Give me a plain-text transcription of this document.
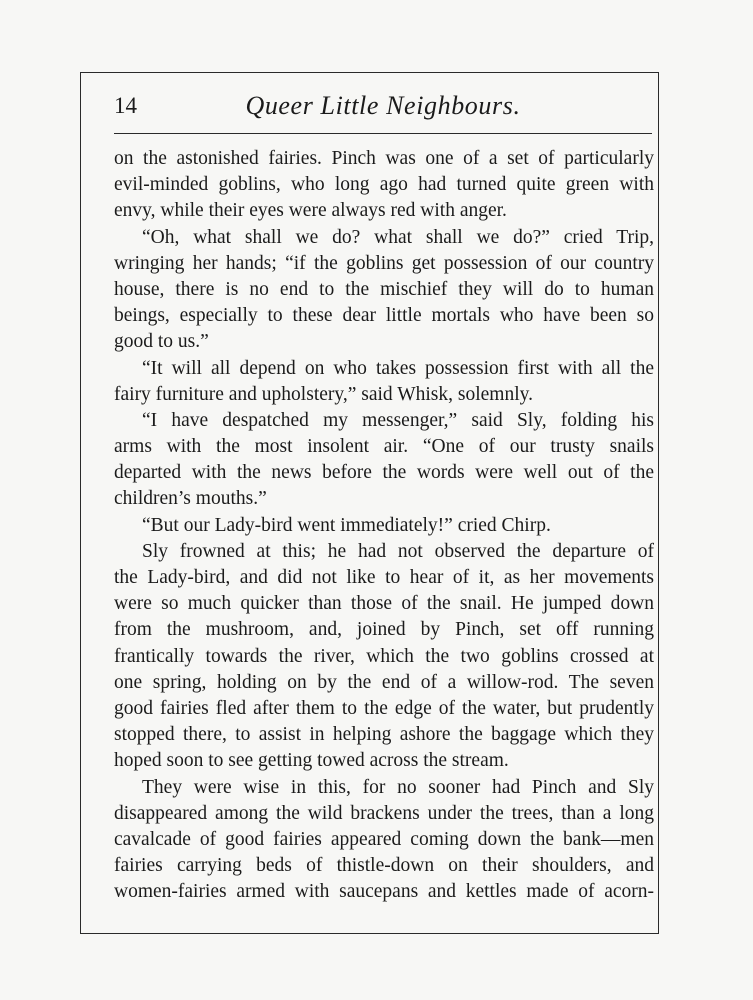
14	Queer Little Neighbours.
on the astonished fairies. Pinch was one of a set of particularly
evil-minded goblins, who long ago had turned quite green with
envy, while their eyes were always red with anger.
“Oh, what shall we do? what shall we do?” cried Trip,
wringing her hands; “if the goblins get possession of our country
house, there is no end to the mischief they will do to human
beings, especially to these dear little mortals who have been so
good to us.”
“It will all depend on who takes possession first with all the
fairy furniture and upholstery,” said Whisk, solemnly.
“I have despatched my messenger,” said Sly, folding his
arms with the most insolent air. “One of our trusty snails
departed with the news before the words were well out of the
children’s mouths.”
“But our Lady-bird went immediately!” cried Chirp.
Sly frowned at this; he had not observed the departure of
the Lady-bird, and did not like to hear of it, as her movements
were so much quicker than those of the snail. He jumped down
from the mushroom, and, joined by Pinch, set off running
frantically towards the river, which the two goblins crossed at
one spring, holding on by the end of a willow-rod. The seven
good fairies fled after them to the edge of the water, but prudently
stopped there, to assist in helping ashore the baggage which they
hoped soon to see getting towed across the stream.
They were wise in this, for no sooner had Pinch and Sly
disappeared among the wild brackens under the trees, than a long
cavalcade of good fairies appeared coming down the bank—men
fairies carrying beds of thistle-down on their shoulders, and
women-fairies armed with saucepans and kettles made of acorn-
